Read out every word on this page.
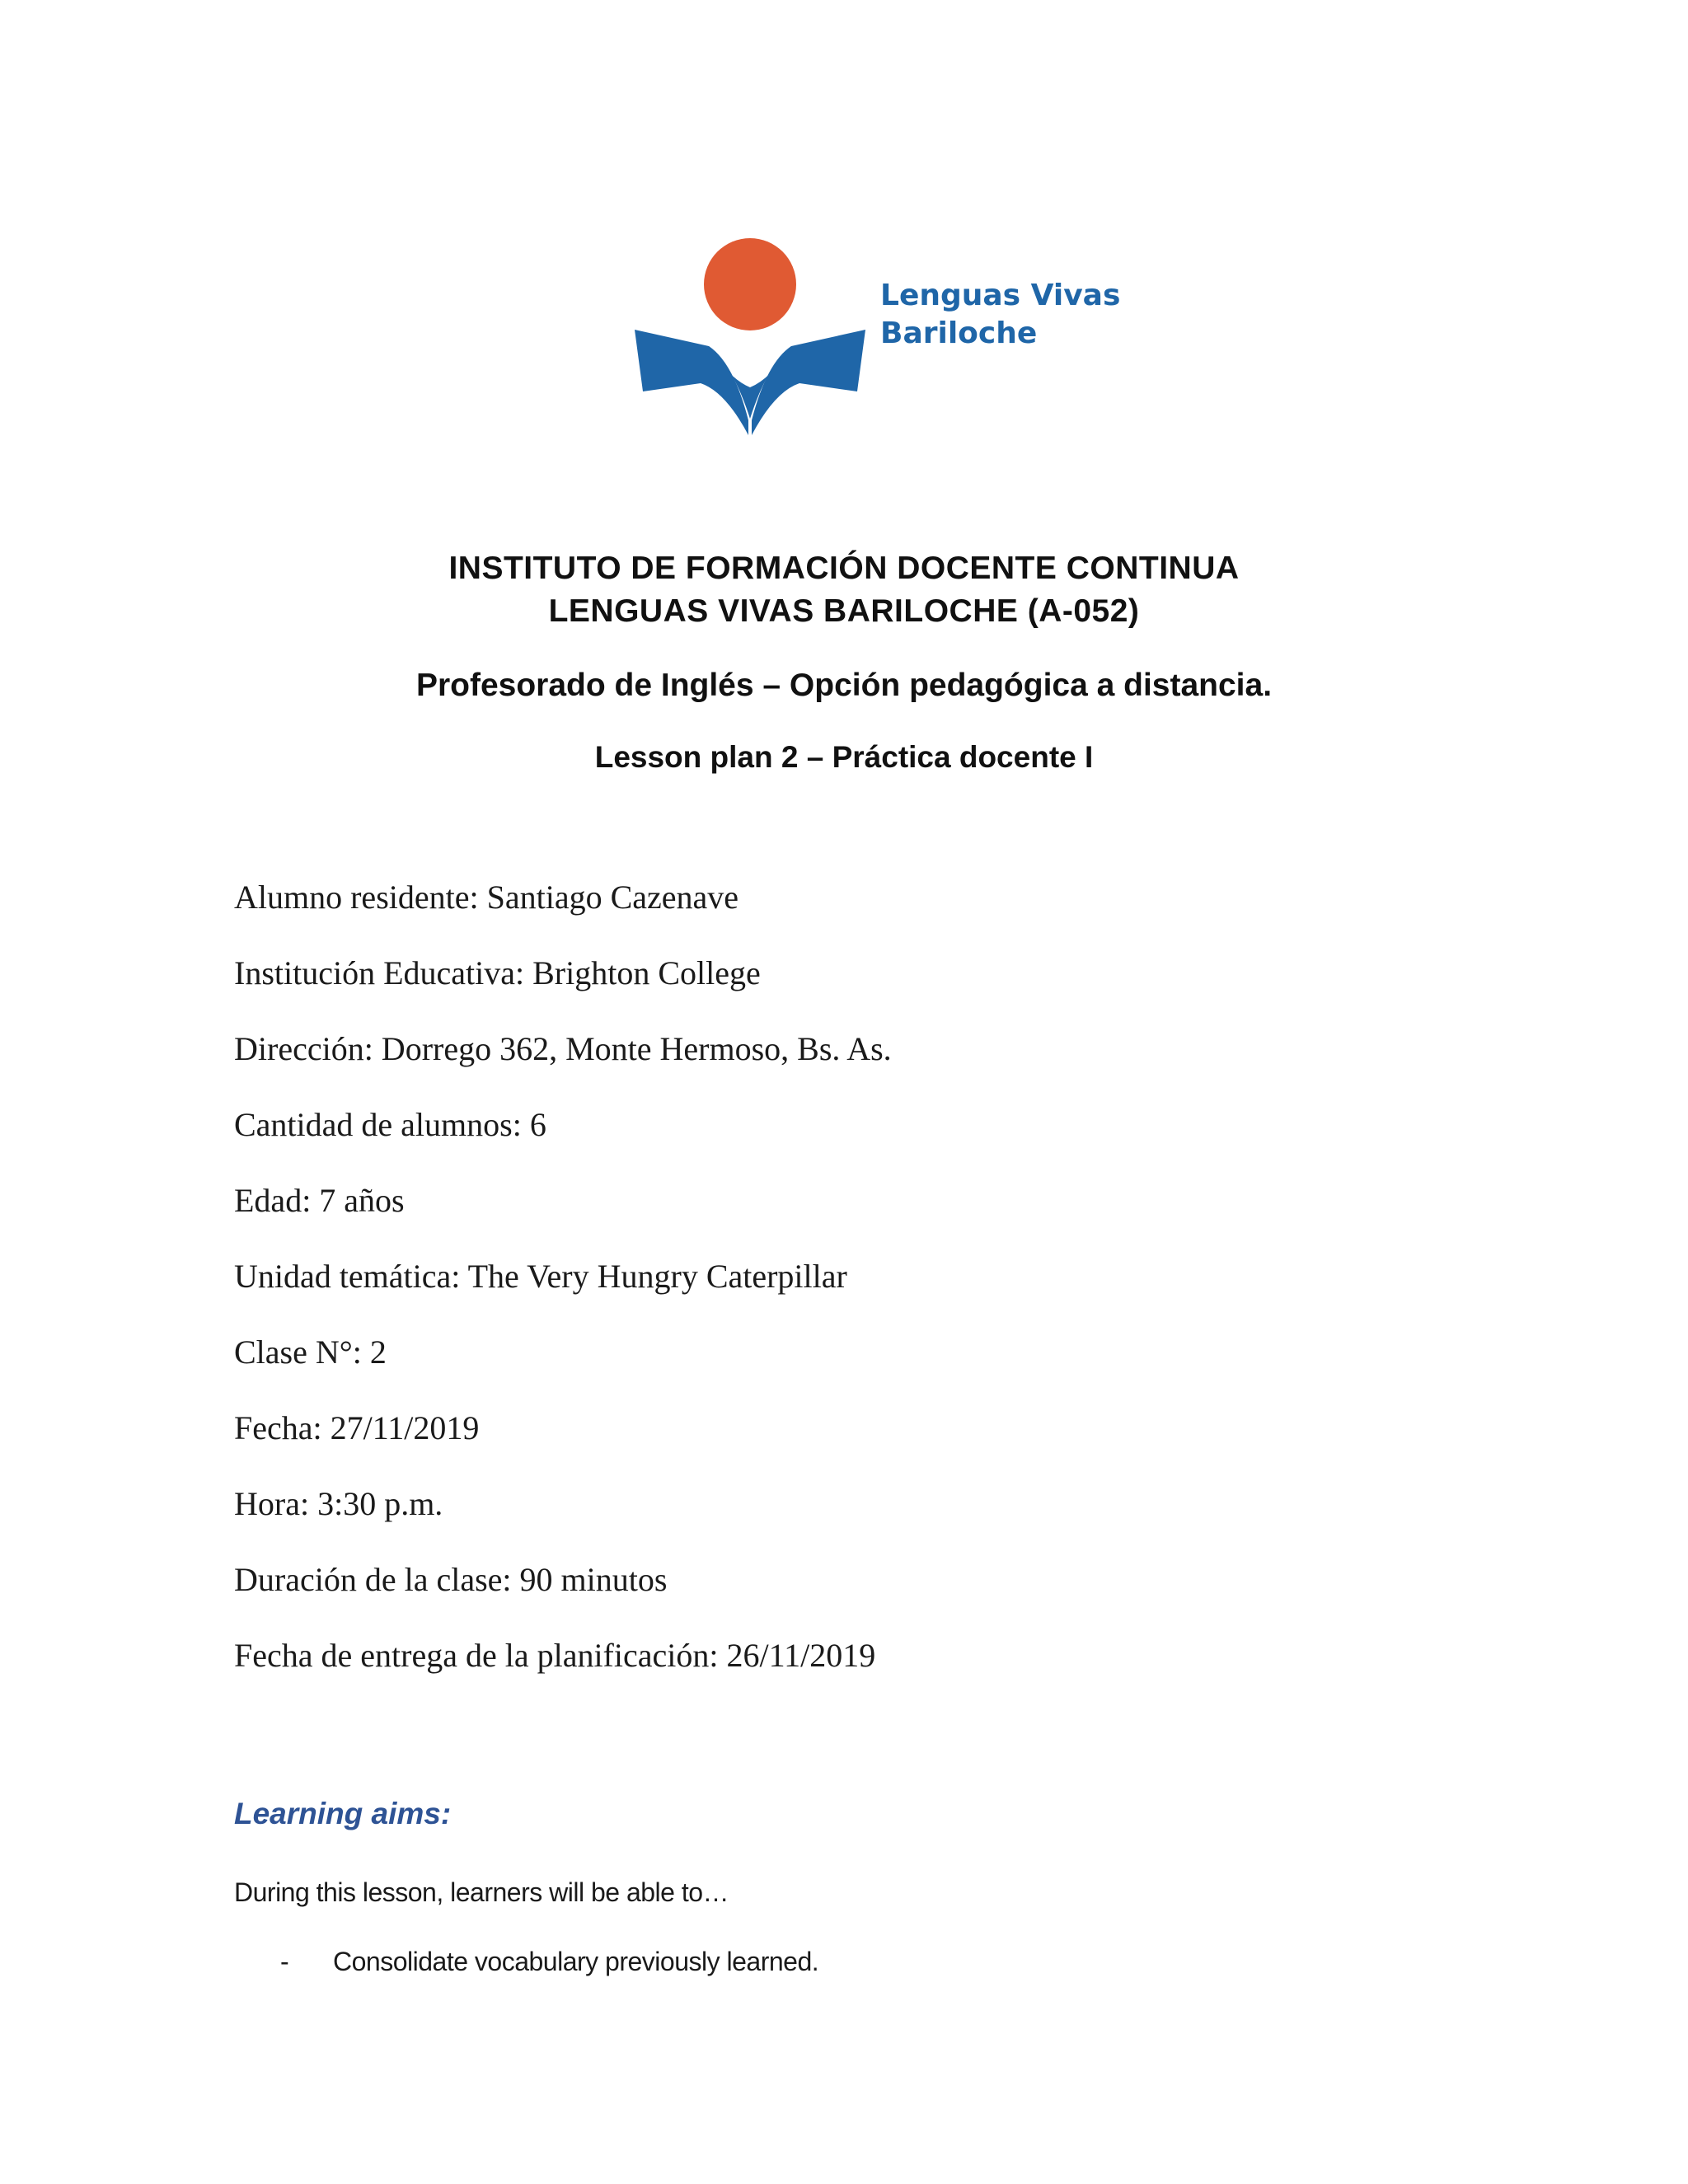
Lenguas Vivas
Bariloche
INSTITUTO DE FORMACIÓN DOCENTE CONTINUA
LENGUAS VIVAS BARILOCHE (A-052)
Profesorado de Inglés – Opción pedagógica a distancia.
Lesson plan 2 – Práctica docente I
Alumno residente: Santiago Cazenave
Institución Educativa: Brighton College
Dirección: Dorrego 362, Monte Hermoso, Bs. As.
Cantidad de alumnos: 6
Edad: 7 años
Unidad temática: The Very Hungry Caterpillar
Clase N°: 2
Fecha: 27/11/2019
Hora: 3:30 p.m.
Duración de la clase: 90 minutos
Fecha de entrega de la planificación: 26/11/2019
Learning aims:
During this lesson, learners will be able to…
- Consolidate vocabulary previously learned.
